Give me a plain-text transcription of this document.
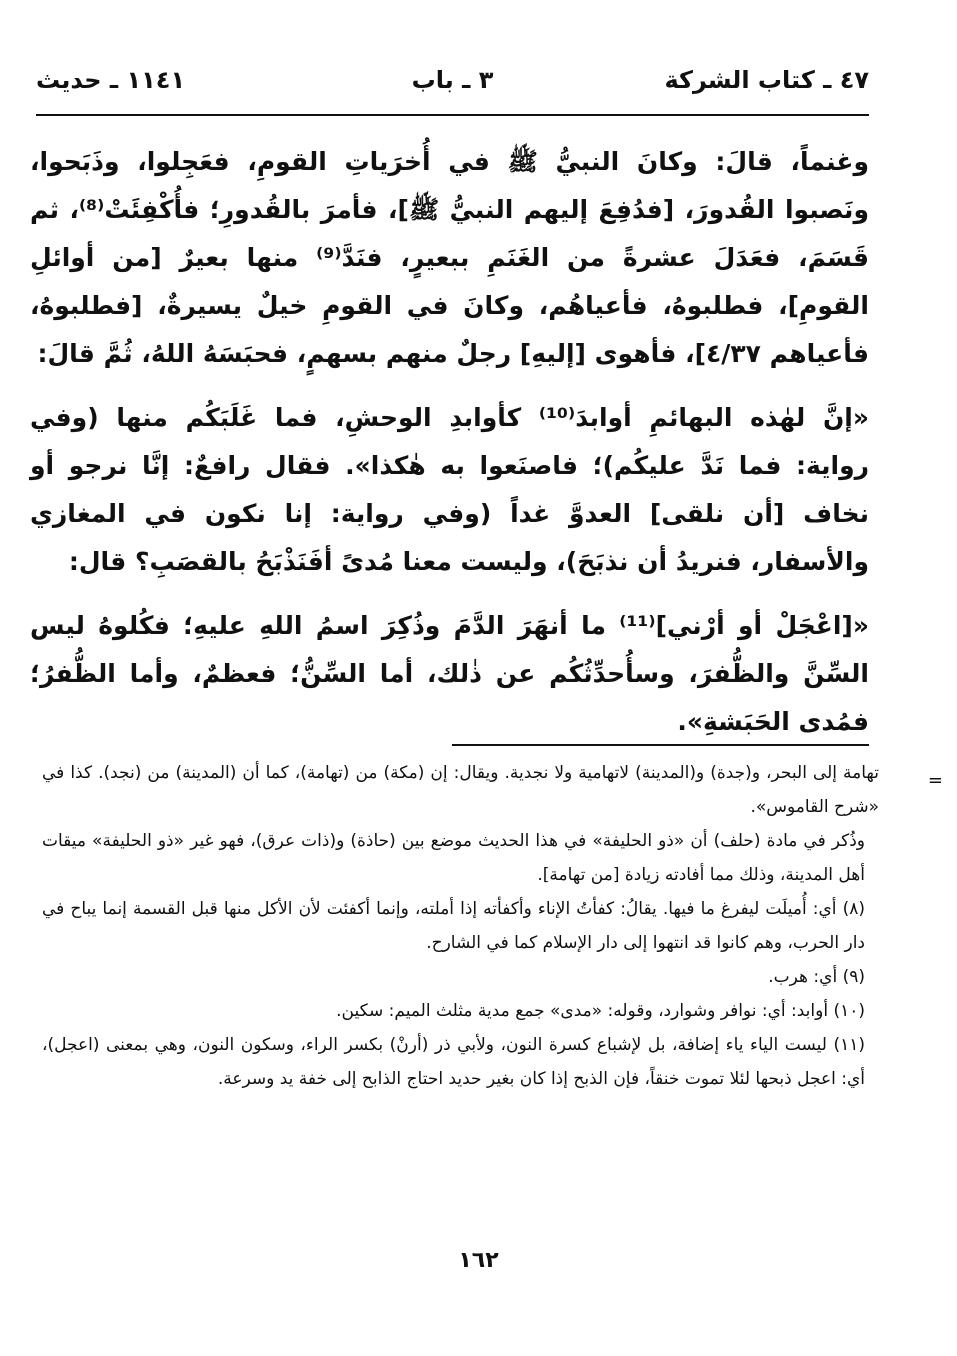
٤٧ ـ كتاب الشركة
٣ ـ باب
١١٤١ ـ حديث

وغنماً، قالَ: وكانَ النبيُّ ﷺ في أُخرَياتِ القومِ، فعَجِلوا، وذَبَحوا، ونَصبوا القُدورَ، [فدُفِعَ إليهم النبيُّ ﷺ]، فأمرَ بالقُدورِ؛ فأُكْفِئَتْ⁽⁸⁾، ثم قَسَمَ، فعَدَلَ عشرةً من الغَنَمِ ببعيرٍ، فنَدَّ⁽⁹⁾ منها بعيرٌ [من أوائلِ القومِ]، فطلبوهُ، فأعياهُم، وكانَ في القومِ خيلٌ يسيرةٌ، [فطلبوهُ، فأعياهم ٤/٣٧]، فأهوى [إليهِ] رجلٌ منهم بسهمٍ، فحبَسَهُ اللهُ، ثُمَّ قالَ:

«إنَّ لهٰذه البهائمِ أوابدَ⁽¹⁰⁾ كأوابدِ الوحشِ، فما غَلَبَكُم منها (وفي رواية: فما نَدَّ عليكُم)؛ فاصنَعوا به هٰكذا». فقال رافعٌ: إنَّا نرجو أو نخاف [أن نلقى] العدوَّ غداً (وفي رواية: إنا نكون في المغازي والأسفار، فنريدُ أن نذبَحَ)، وليست معنا مُدىً أفَنَذْبَحُ بالقصَبِ؟ قال:

«[اعْجَلْ أو أرْني]⁽¹¹⁾ ما أنهَرَ الدَّمَ وذُكِرَ اسمُ اللهِ عليهِ؛ فكُلوهُ ليس السِّنَّ والظُّفرَ، وسأُحدِّثُكُم عن ذٰلك، أما السِّنُّ؛ فعظمٌ، وأما الظُّفرُ؛ فمُدى الحَبَشةِ».

=

تهامة إلى البحر، و(جدة) و(المدينة) لاتهامية ولا نجدية. ويقال: إن (مكة) من (تهامة)، كما أن (المدينة) من (نجد). كذا في «شرح القاموس».

وذُكر في مادة (حلف) أن «ذو الحليفة» في هذا الحديث موضع بين (حاذة) و(ذات عرق)، فهو غير «ذو الحليفة» ميقات أهل المدينة، وذلك مما أفادته زيادة [من تهامة].

(٨) أي: أُميلَت ليفرغ ما فيها. يقالُ: كفأتُ الإناء وأكفأته إذا أملته، وإنما أكفئت لأن الأكل منها قبل القسمة إنما يباح في دار الحرب، وهم كانوا قد انتهوا إلى دار الإسلام كما في الشارح.

(٩) أي: هرب.

(١٠) أوابد: أي: نوافر وشوارد، وقوله: «مدى» جمع مدية مثلث الميم: سكين.

(١١) ليست الياء ياء إضافة، بل لإشباع كسرة النون، ولأبي ذر (أرنْ) بكسر الراء، وسكون النون، وهي بمعنى (اعجل)، أي: اعجل ذبحها لئلا تموت خنقاً، فإن الذبح إذا كان بغير حديد احتاج الذابح إلى خفة يد وسرعة.

١٦٢
